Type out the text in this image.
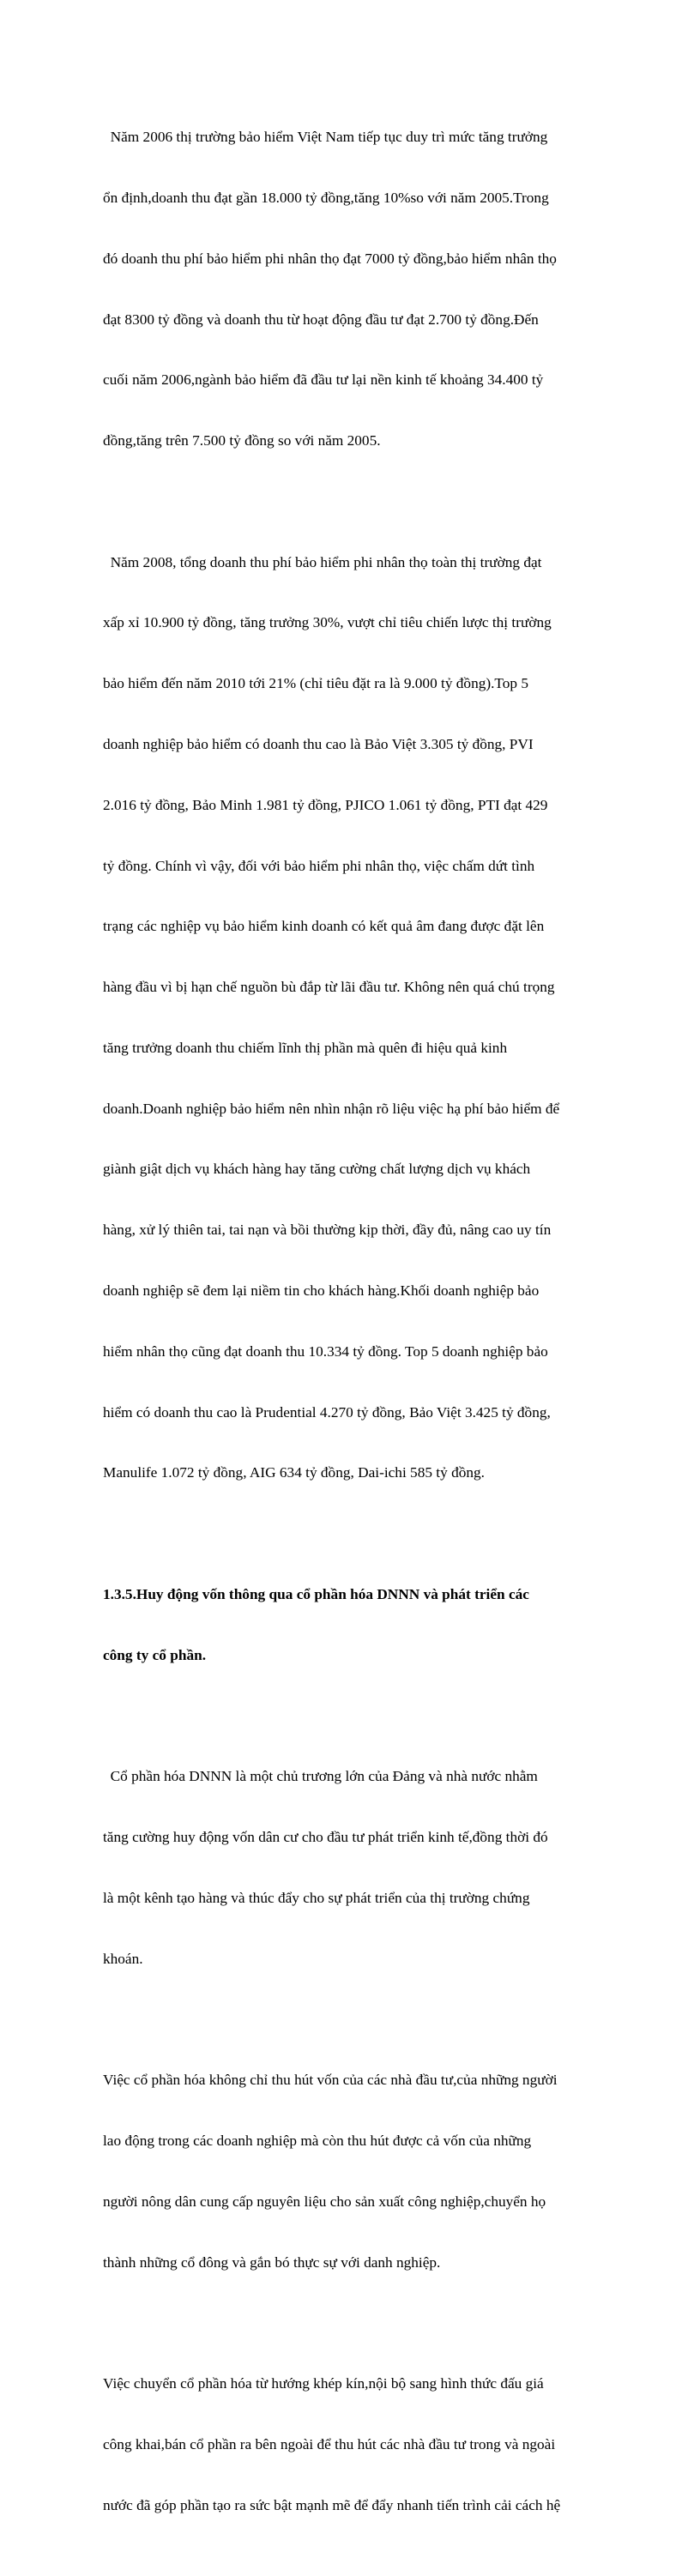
Năm 2006 thị trường bảo hiểm Việt Nam tiếp tục duy trì mức tăng trưởng

ổn định,doanh thu đạt gần 18.000 tỷ đồng,tăng 10%so với năm 2005.Trong

đó doanh thu phí bảo hiểm phi nhân thọ đạt 7000 tỷ đồng,bảo hiểm nhân thọ

đạt 8300 tỷ đồng và doanh thu từ hoạt động đầu tư đạt 2.700 tỷ đồng.Đến

cuối năm 2006,ngành bảo hiểm đã đầu tư lại nền kinh tế khoảng 34.400 tỷ

đồng,tăng trên 7.500 tỷ đồng so với năm 2005.

Năm 2008, tổng doanh thu phí bảo hiểm phi nhân thọ toàn thị trường đạt

xấp xỉ 10.900 tỷ đồng, tăng trưởng 30%, vượt chỉ tiêu chiến lược thị trường

bảo hiểm đến năm 2010 tới 21% (chỉ tiêu đặt ra là 9.000 tỷ đồng).Top 5

doanh nghiệp bảo hiểm có doanh thu cao là Bảo Việt 3.305 tỷ đồng, PVI

2.016 tỷ đồng, Bảo Minh 1.981 tỷ đồng, PJICO 1.061 tỷ đồng, PTI đạt 429

tỷ đồng. Chính vì vậy, đối với bảo hiểm phi nhân thọ, việc chấm dứt tình

trạng các nghiệp vụ bảo hiểm kinh doanh có kết quả âm đang được đặt lên

hàng đầu vì bị hạn chế nguồn bù đắp từ lãi đầu tư. Không nên quá chú trọng

tăng trưởng doanh thu chiếm lĩnh thị phần mà quên đi hiệu quả kinh

doanh.Doanh nghiệp bảo hiểm nên nhìn nhận rõ liệu việc hạ phí bảo hiểm để

giành giật dịch vụ khách hàng hay tăng cường chất lượng dịch vụ khách

hàng, xử lý thiên tai, tai nạn và bồi thường kịp thời, đầy đủ, nâng cao uy tín

doanh nghiệp sẽ đem lại niềm tin cho khách hàng.Khối doanh nghiệp bảo

hiểm nhân thọ cũng đạt doanh thu 10.334 tỷ đồng. Top 5 doanh nghiệp bảo

hiểm có doanh thu cao là Prudential 4.270 tỷ đồng, Bảo Việt 3.425 tỷ đồng,

Manulife 1.072 tỷ đồng, AIG 634 tỷ đồng, Dai-ichi 585 tỷ đồng.

1.3.5.Huy động vốn thông qua cổ phần hóa DNNN và phát triển các

công ty cổ phần.

Cổ phần hóa DNNN là một chủ trương lớn của Đảng và nhà nước nhằm

tăng cường huy động vốn dân cư cho đầu tư phát triển kinh tế,đồng thời đó

là một kênh tạo hàng và thúc đẩy cho sự phát triển của thị trường chứng

khoán.

Việc cổ phần hóa không chỉ thu hút vốn của các nhà đầu tư,của những người

lao động trong các doanh nghiệp mà còn thu hút được cả vốn của những

người nông dân cung cấp nguyên liệu cho sản xuất công nghiệp,chuyển họ

thành những cổ đông và gắn bó thực sự với danh nghiệp.

Việc chuyển cổ phần hóa từ hướng khép kín,nội bộ sang hình thức đấu giá

công khai,bán cổ phần ra bên ngoài để thu hút các nhà đầu tư trong và ngoài

nước đã góp phần tạo ra sức bật mạnh mẽ để đẩy nhanh tiến trình cải cách hệ
